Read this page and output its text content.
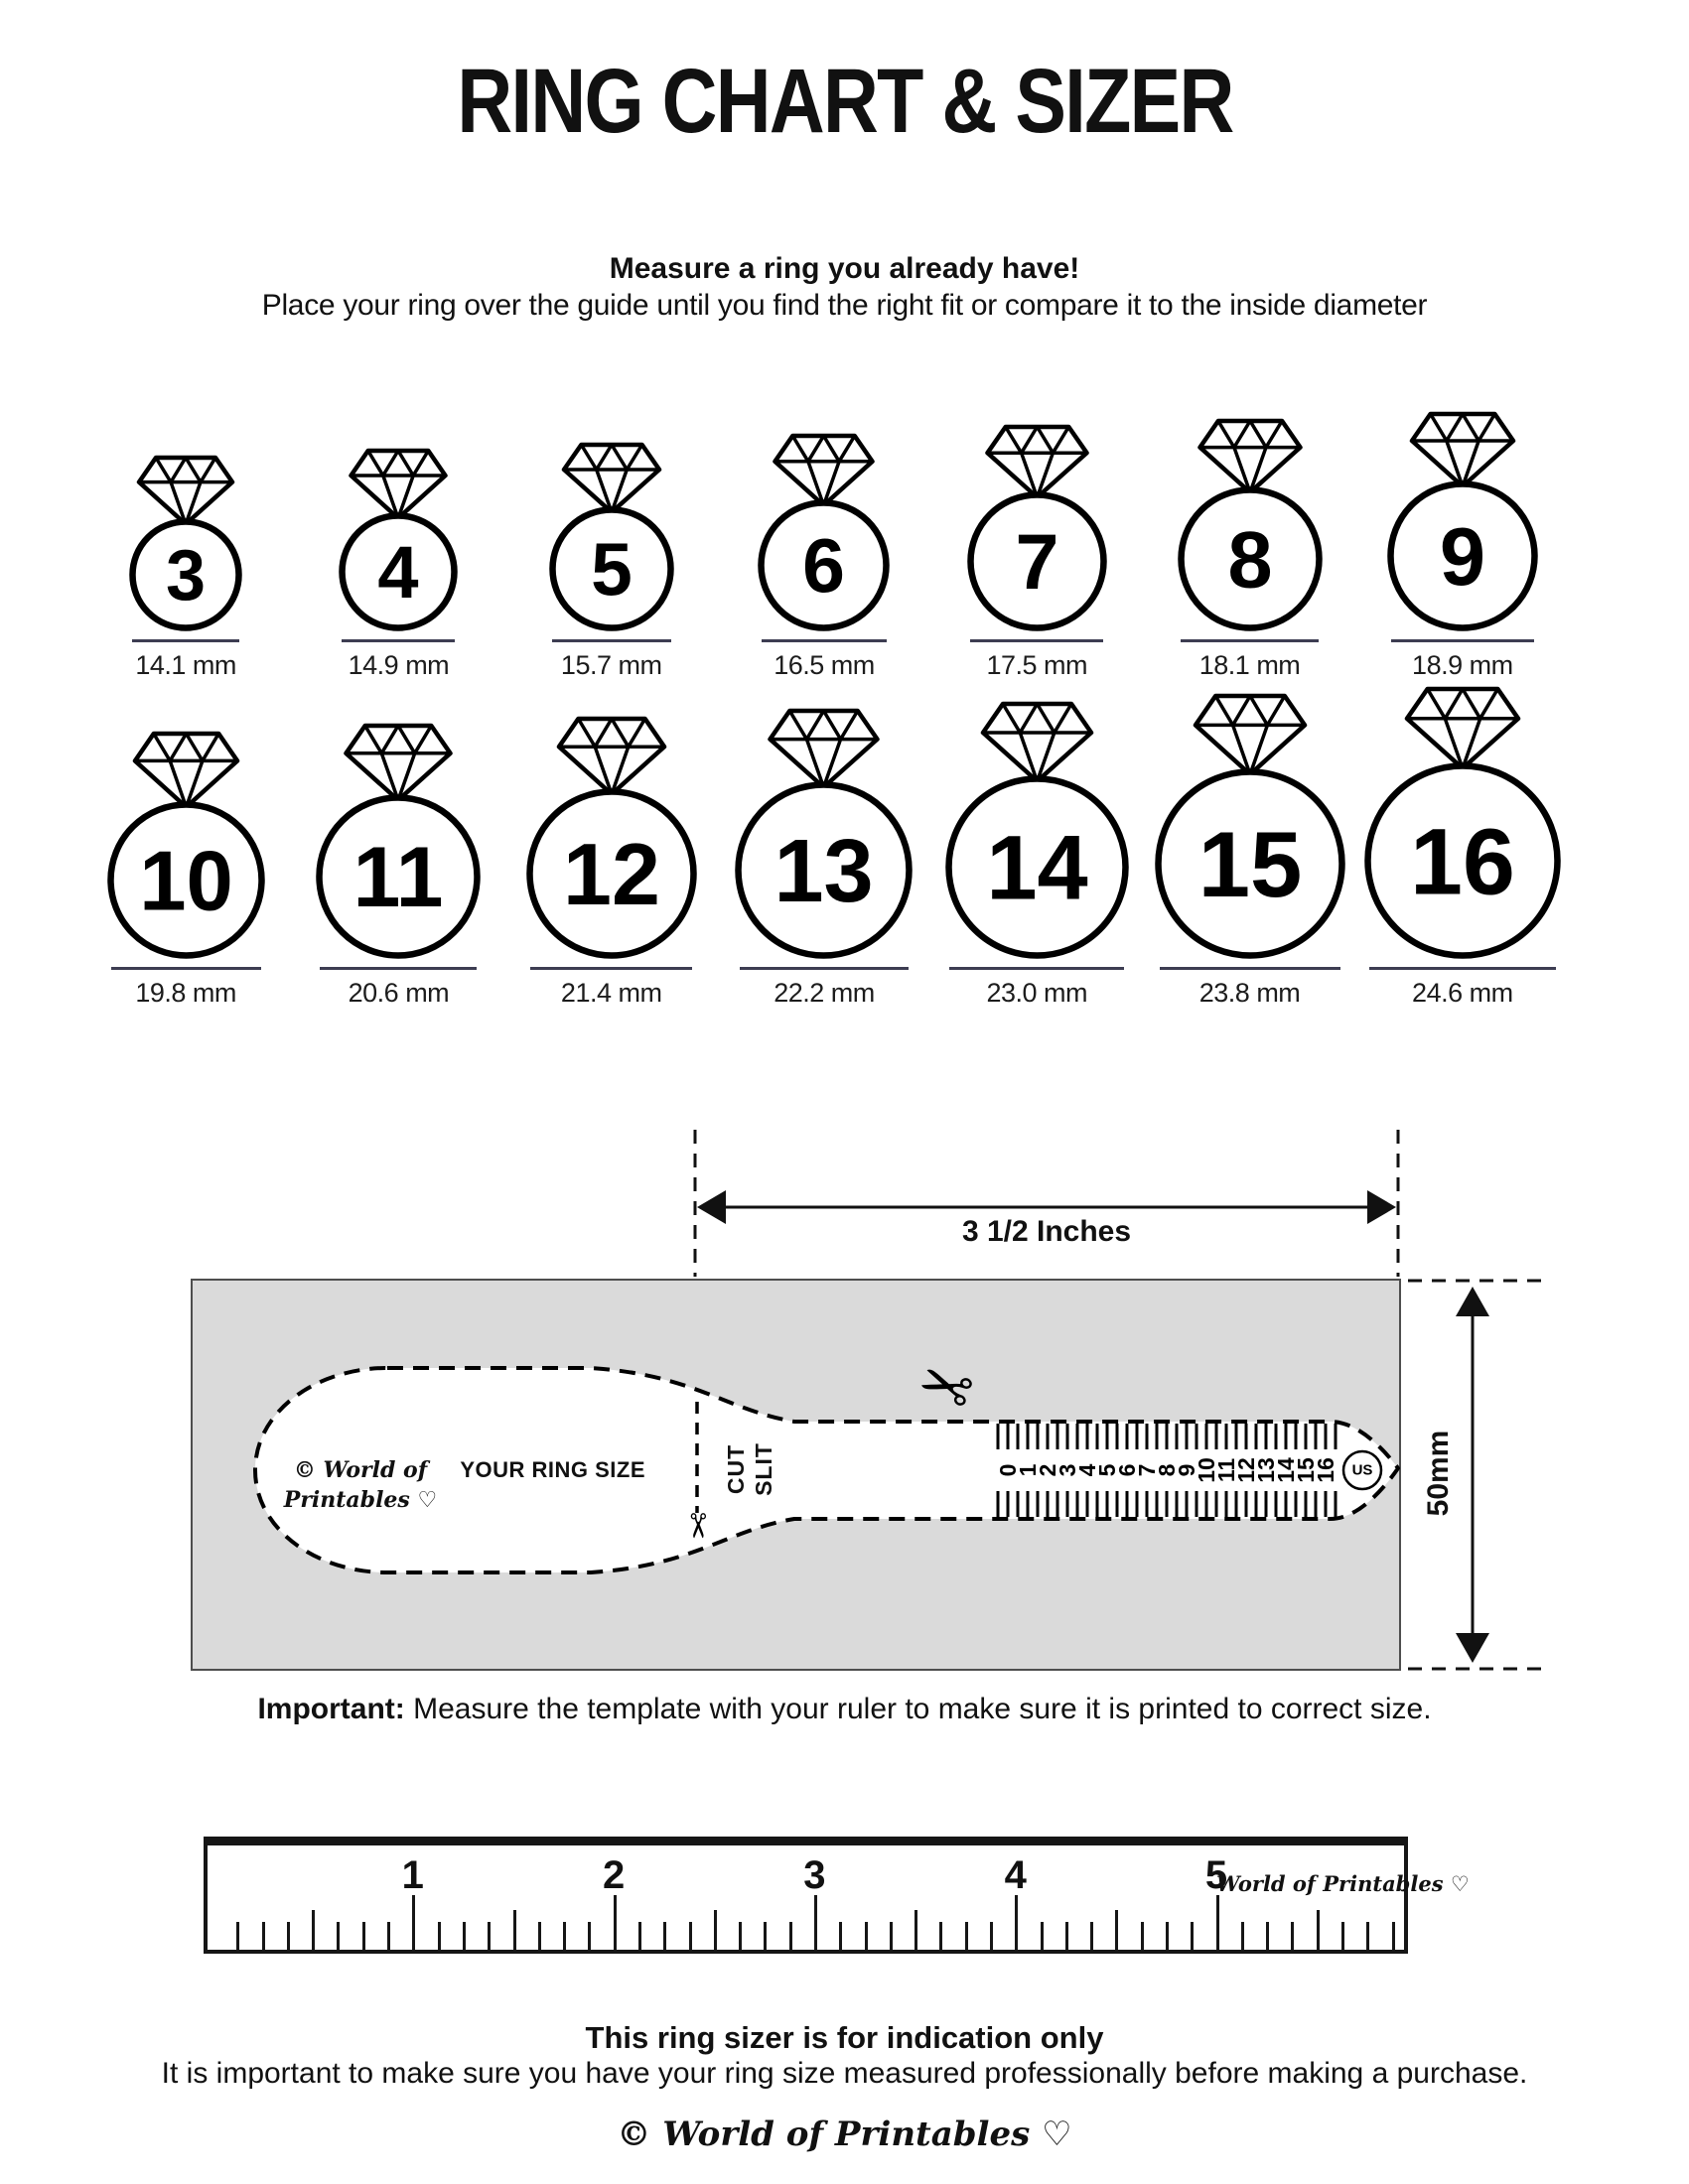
RING CHART & SIZER
Measure a ring you already have!
Place your ring over the guide until you find the right fit or compare it to the inside diameter
3
14.1 mm
4
14.9 mm
5
15.7 mm
6
16.5 mm
7
17.5 mm
8
18.1 mm
9
18.9 mm
10
19.8 mm
11
20.6 mm
12
21.4 mm
13
22.2 mm
14
23.0 mm
15
23.8 mm
16
24.6 mm
0
1
2
3
4
5
6
7
8
9
10
11
12
13
14
15
16 US
✂
✂
3 1/2 Inches
50mm
© World of Printables ♡
YOUR RING SIZE	CUT SLIT
Important: Measure the template with your ruler to make sure it is printed to correct size.
1	2	3	4	5
World of Printables ♡
This ring sizer is for indication only
It is important to make sure you have your ring size measured professionally before making a purchase.
© World of Printables ♡
